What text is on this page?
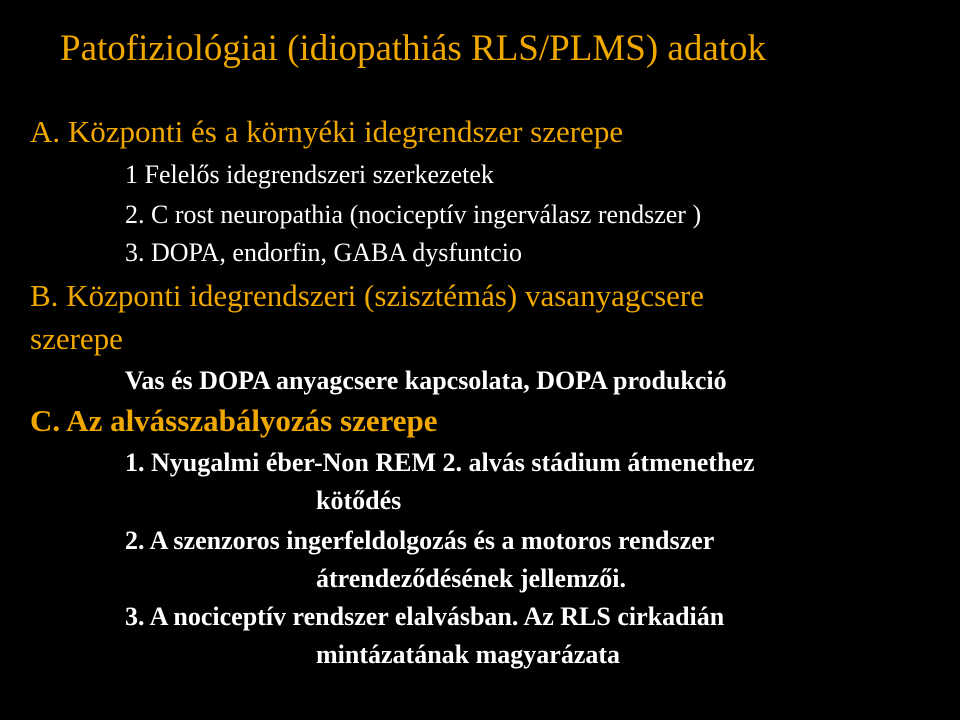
Patofiziológiai (idiopathiás RLS/PLMS) adatok
A. Központi és a környéki idegrendszer szerepe
1 Felelős idegrendszeri szerkezetek
2. C rost neuropathia (nociceptív ingerválasz rendszer )
3. DOPA, endorfin, GABA dysfuntcio
B. Központi idegrendszeri (szisztémás) vasanyagcsere
szerepe
Vas és DOPA anyagcsere kapcsolata, DOPA produkció
C. Az alvásszabályozás szerepe
1. Nyugalmi éber-Non REM 2. alvás stádium átmenethez
kötődés
2. A szenzoros ingerfeldolgozás és a motoros rendszer
átrendeződésének jellemzői.
3. A nociceptív rendszer elalvásban. Az RLS cirkadián
mintázatának magyarázata
